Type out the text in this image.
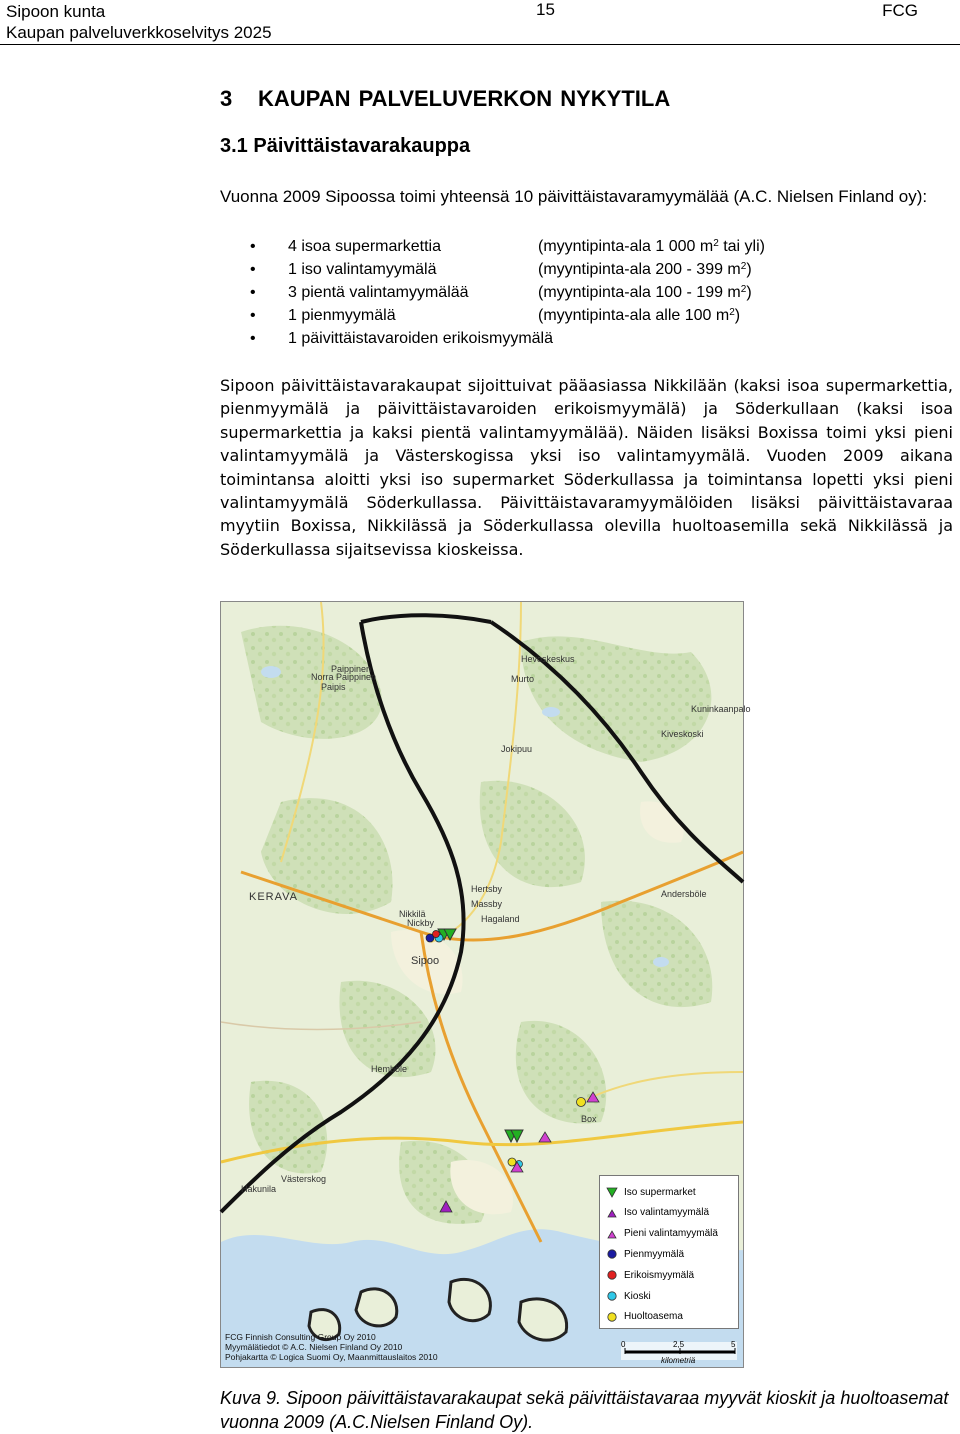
Sipoon kunta
Kaupan palveluverkkoselvitys 2025
15	FCG
3 KAUPAN PALVELUVERKON NYKYTILA
3.1 Päivittäistavarakauppa
Vuonna 2009 Sipoossa toimi yhteensä 10 päivittäistavaramyymälää (A.C. Nielsen Finland oy):
• 4 isoa supermarkettia	(myyntipinta-ala 1 000 $m^2$ tai yli)
• 1 iso valintamyymälä	(myyntipinta-ala 200 - 399 $m^2$)
• 3 pientä valintamyymälää	(myyntipinta-ala 100 - 199 $m^2$)
• 1 pienmyymälä	(myyntipinta-ala alle 100 $m^2$)
• 1 päivittäistavaroiden erikoismyymälä
Sipoon päivittäistavarakaupat sijoittuivat pääasiassa Nikkilään (kaksi isoa supermarkettia, pienmyymälä ja päivittäistavaroiden erikoismyymälä) ja Söderkullaan (kaksi isoa supermarkettia ja kaksi pientä valintamyymälää). Näiden lisäksi Boxissa toimi yksi pieni valintamyymälä ja Västerskogissa yksi iso valintamyymälä. Vuoden 2009 aikana toimintansa aloitti yksi iso supermarket Söderkullassa ja toimintansa lopetti yksi pieni valintamyymälä Söderkullassa. Päivittäistavaramyymälöiden lisäksi päivittäistavaraa myytiin Boxissa, Nikkilässä ja Söderkullassa olevilla huoltoasemilla sekä Nikkilässä ja Söderkullassa sijaitsevissa kioskeissa.
KERAVA
Sipoo
Nikkilä
Nickby
Box
Kuninkaanpalo
Kiveskoski
Jokipuu
Hertsby
Paippinen
Massby
Hagaland
Andersböle
Paipis
Norra Paippinen	Murto
Hevoskeskus
Hakunila
Västerskog
Hemböle
FCG Finnish Consulting Group Oy 2010
Myymälätiedot © A.C. Nielsen Finland Oy 2010
Pohjakartta © Logica Suomi Oy, Maanmittauslaitos 2010
0	2,5	5
kilometriä
Iso supermarket
Iso valintamyymälä
Pieni valintamyymälä
Pienmyymälä
Erikoismyymälä
Kioski
Huoltoasema
Kuva 9. Sipoon päivittäistavarakaupat sekä päivittäistavaraa myyvät kioskit ja huoltoasemat vuonna 2009 (A.C.Nielsen Finland Oy).
